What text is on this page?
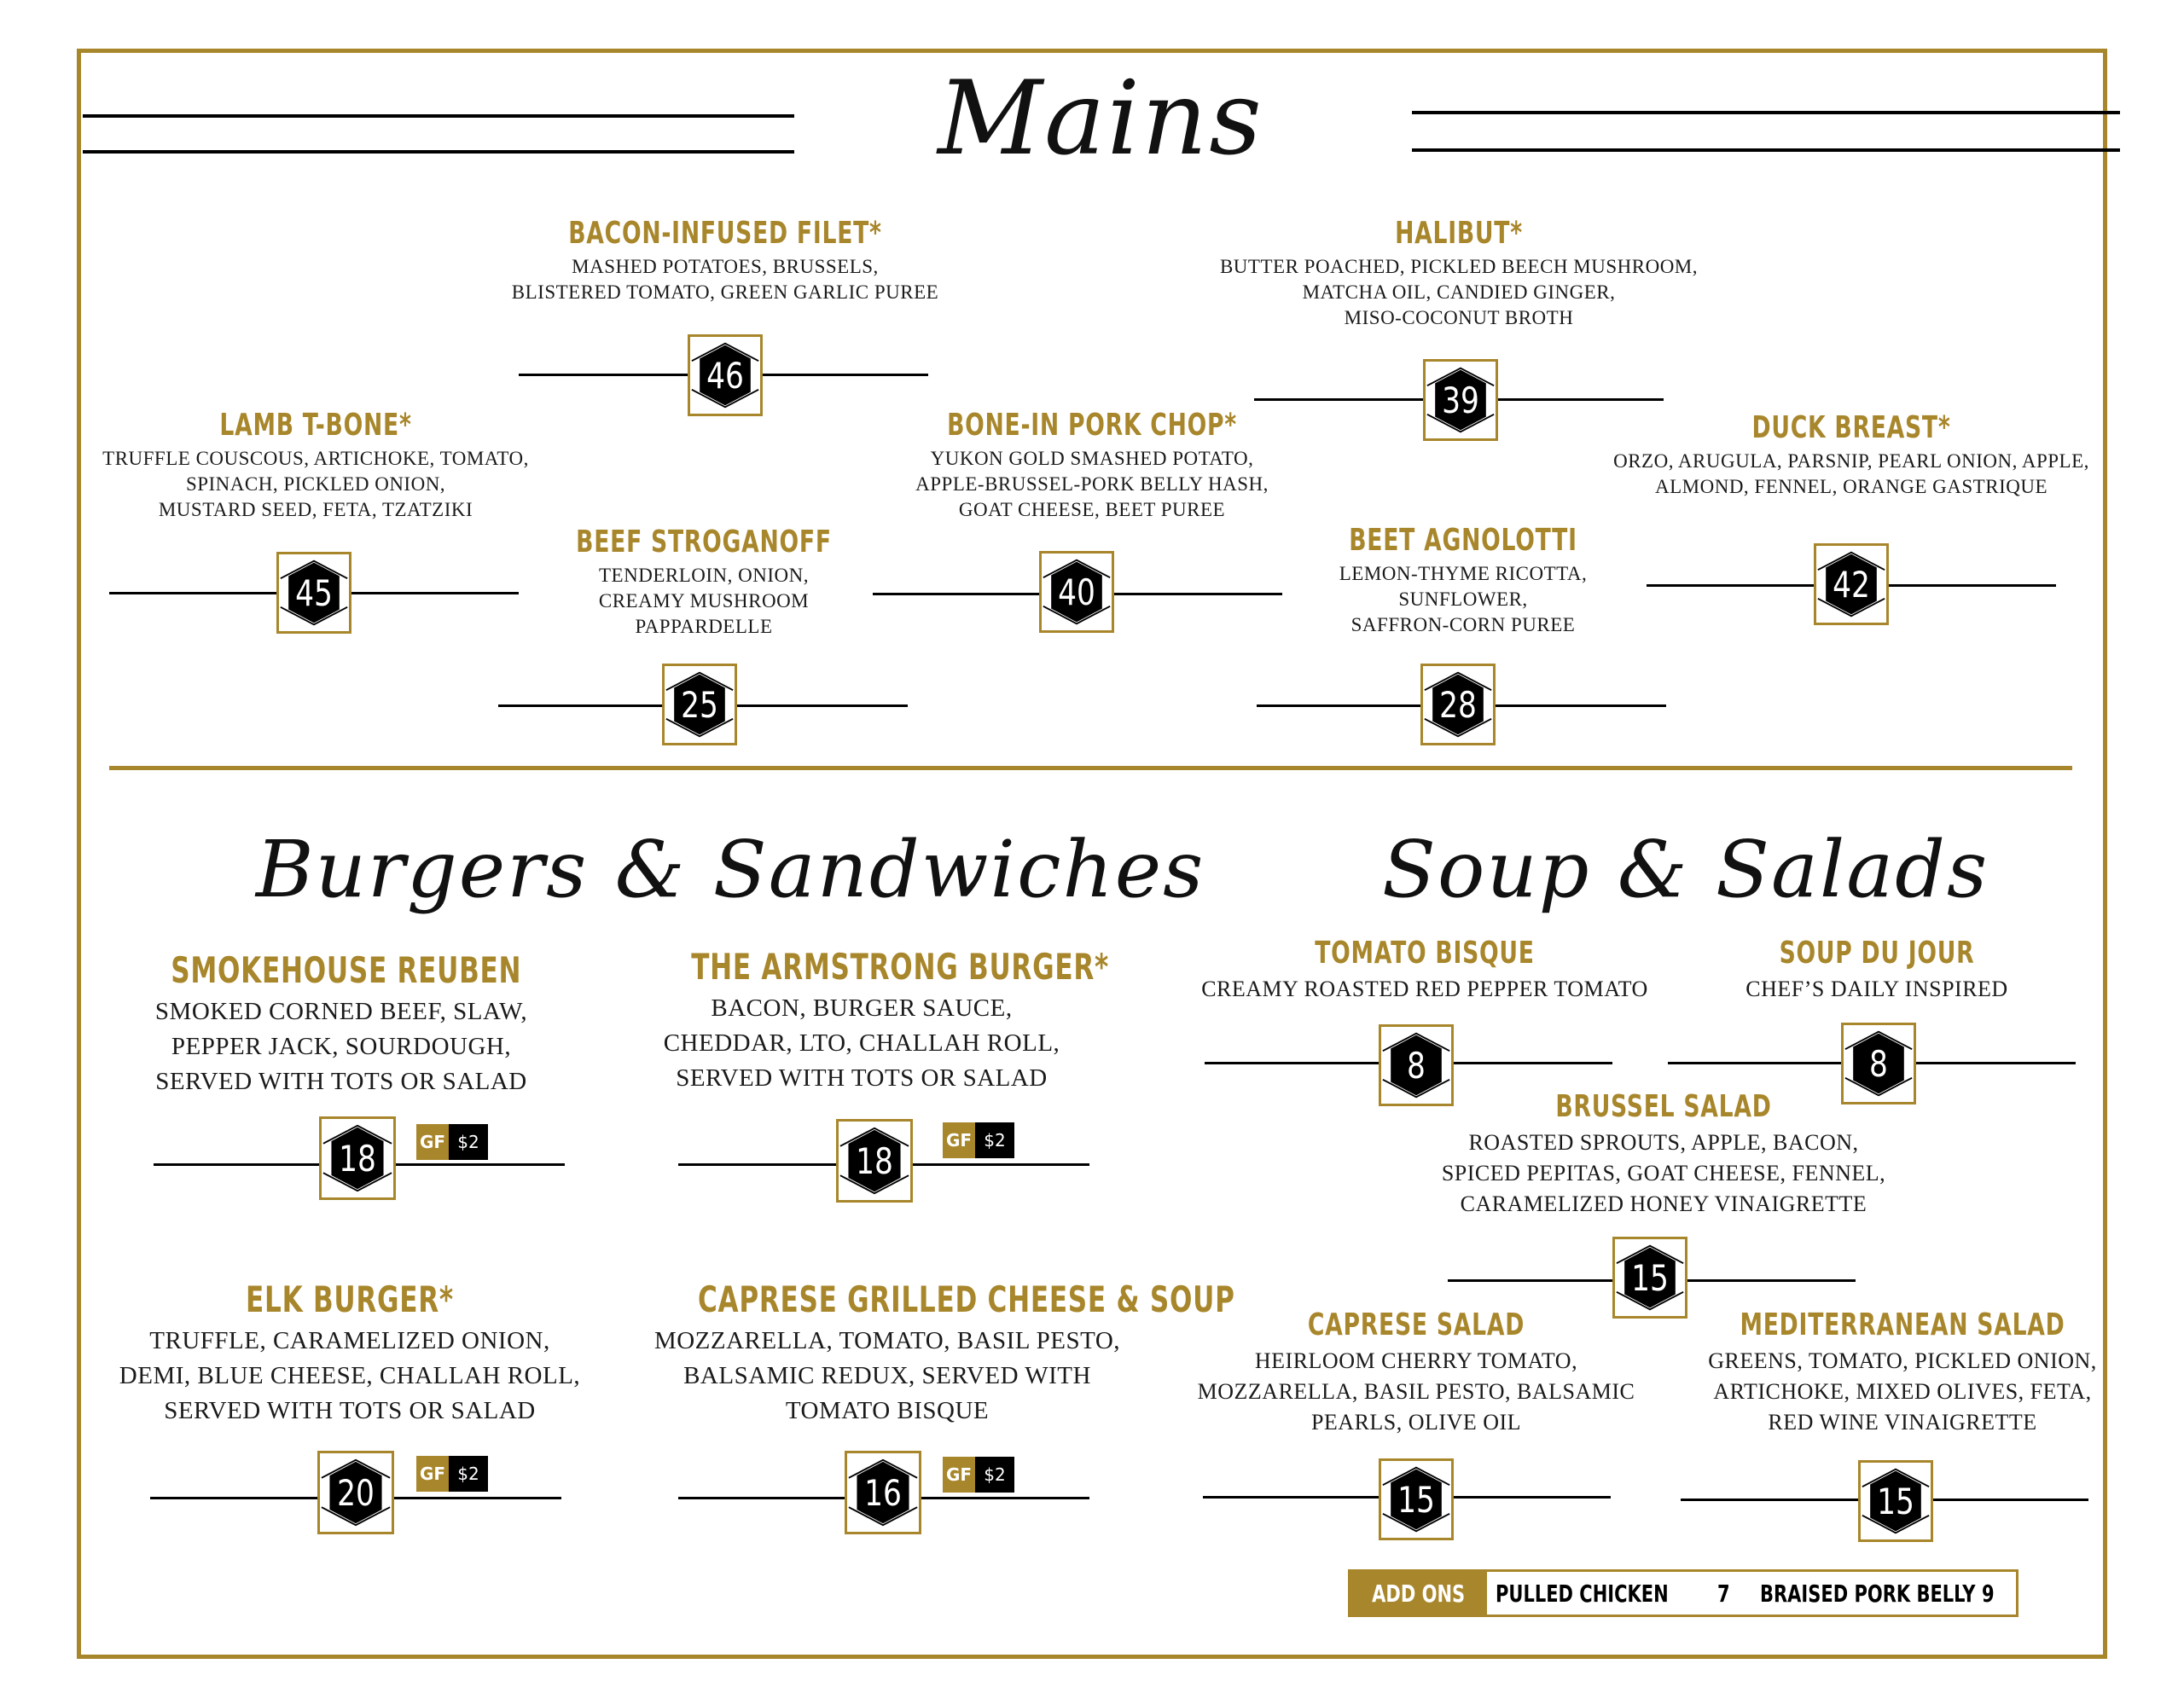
Mains
BACON-INFUSED FILET*
MASHED POTATOES, BRUSSELS,
BLISTERED TOMATO, GREEN GARLIC PUREE
HALIBUT*
BUTTER POACHED, PICKLED BEECH MUSHROOM,
MATCHA OIL, CANDIED GINGER,
MISO-COCONUT BROTH
LAMB T-BONE*
TRUFFLE COUSCOUS, ARTICHOKE, TOMATO,
SPINACH, PICKLED ONION,
MUSTARD SEED, FETA, TZATZIKI
BONE-IN PORK CHOP*
YUKON GOLD SMASHED POTATO,
APPLE-BRUSSEL-PORK BELLY HASH,
GOAT CHEESE, BEET PUREE
DUCK BREAST*
ORZO, ARUGULA, PARSNIP, PEARL ONION, APPLE,
ALMOND, FENNEL, ORANGE GASTRIQUE
BEEF STROGANOFF
TENDERLOIN, ONION,
CREAMY MUSHROOM
PAPPARDELLE
BEET AGNOLOTTI
LEMON-THYME RICOTTA,
SUNFLOWER,
SAFFRON-CORN PUREE
46
39
45	40	42
25	28
Burgers & Sandwiches Soup & Salads
SMOKEHOUSE REUBEN
SMOKED CORNED BEEF, SLAW,
PEPPER JACK, SOURDOUGH,
SERVED WITH TOTS OR SALAD
THE ARMSTRONG BURGER*
BACON, BURGER SAUCE,
CHEDDAR, LTO, CHALLAH ROLL,
SERVED WITH TOTS OR SALAD
ELK BURGER*
TRUFFLE, CARAMELIZED ONION,
DEMI, BLUE CHEESE, CHALLAH ROLL,
SERVED WITH TOTS OR SALAD
CAPRESE GRILLED CHEESE & SOUP
MOZZARELLA, TOMATO, BASIL PESTO,
BALSAMIC REDUX, SERVED WITH
TOMATO BISQUE
18	GF $2	18	GF $2
20	GF $2	16	GF $2
TOMATO BISQUE
CREAMY ROASTED RED PEPPER TOMATO
SOUP DU JOUR
CHEF’S DAILY INSPIRED
BRUSSEL SALAD
ROASTED SPROUTS, APPLE, BACON,
SPICED PEPITAS, GOAT CHEESE, FENNEL,
CARAMELIZED HONEY VINAIGRETTE
CAPRESE SALAD
HEIRLOOM CHERRY TOMATO,
MOZZARELLA, BASIL PESTO, BALSAMIC
PEARLS, OLIVE OIL
MEDITERRANEAN SALAD
GREENS, TOMATO, PICKLED ONION,
ARTICHOKE, MIXED OLIVES, FETA,
RED WINE VINAIGRETTE
8	8
15
15	15
ADD ONS PULLED CHICKEN 7 BRAISED PORK BELLY 9
